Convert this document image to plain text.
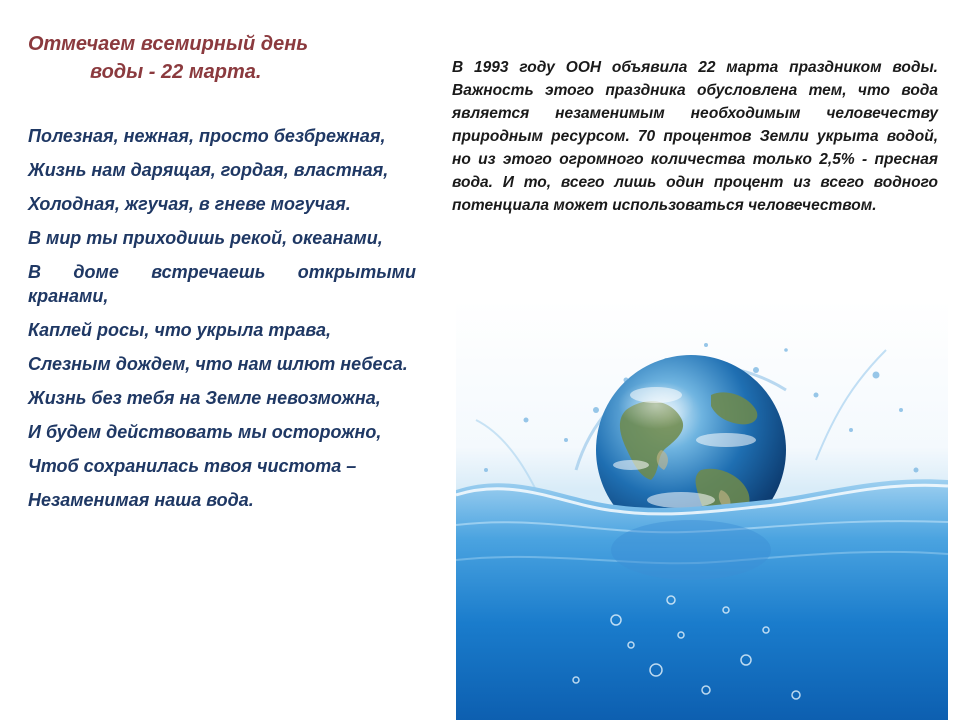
Отмечаем всемирный день
воды - 22 марта.
Полезная, нежная, просто безбрежная,
Жизнь нам дарящая, гордая, властная,
Холодная, жгучая, в гневе могучая.
В мир ты приходишь рекой, океанами,
В доме встречаешь открытыми кранами,
Каплей росы, что укрыла трава,
Слезным дождем, что нам шлют небеса.
Жизнь без тебя на Земле невозможна,
И будем действовать мы осторожно,
Чтоб сохранилась твоя чистота –
Незаменимая наша вода.
В 1993 году ООН объявила 22 марта праздником воды. Важность этого праздника обусловлена тем, что вода является незаменимым необходимым человечеству природным ресурсом. 70 процентов Земли укрыта водой, но из этого огромного количества только 2,5% - пресная вода. И то, всего лишь один процент из всего водного потенциала может использоваться человечеством.
